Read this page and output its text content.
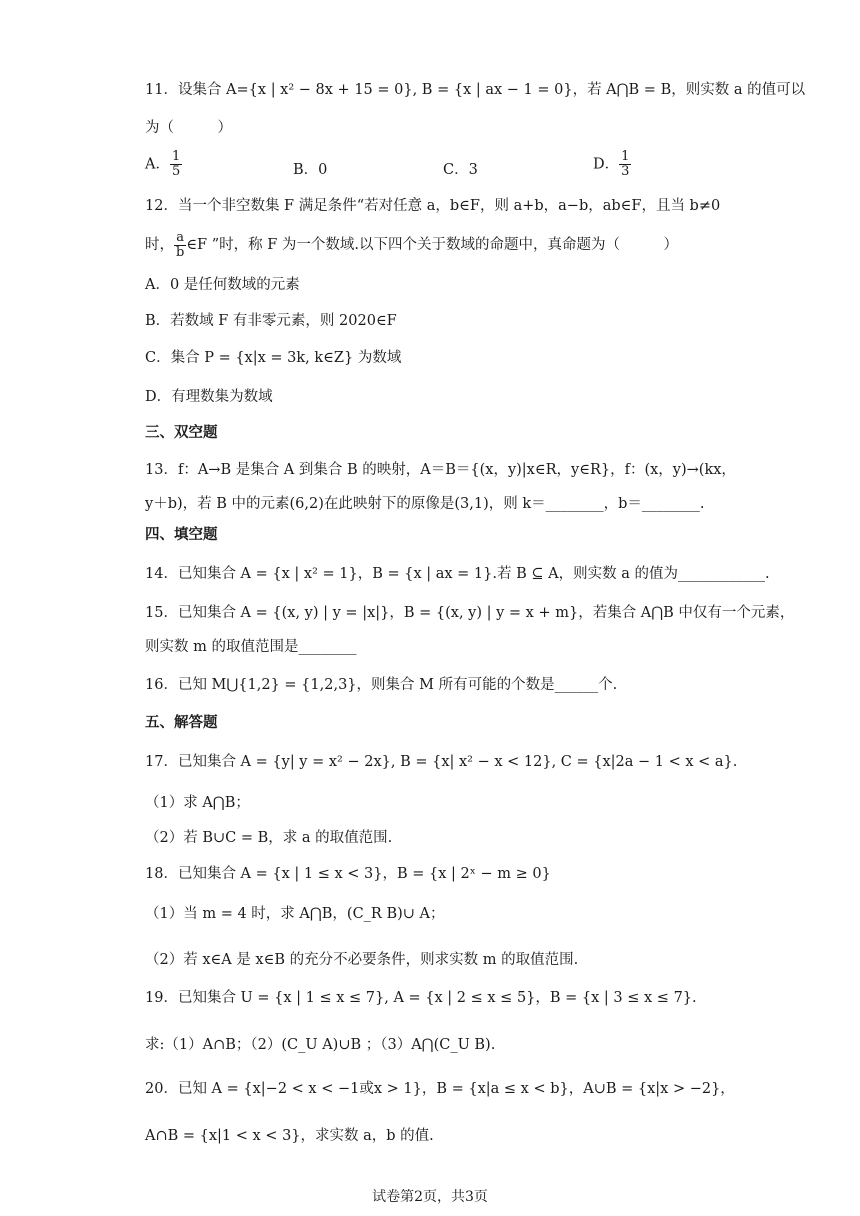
11．设集合 A={x | x² − 8x + 15 = 0}, B = {x | ax − 1 = 0}，若 A⋂B = B，则实数 a 的值可以
为（　　　）
A． $\frac{1}{5}$	B．0	C．3	D． $\frac{1}{3}$
12．当一个非空数集 F 满足条件“若对任意 a，b∈F，则 a+b，a−b，ab∈F，且当 b≠0
时， $\frac{a}{b}$ ∈F ”时，称 F 为一个数域.以下四个关于数域的命题中，真命题为（　　　）
A．0 是任何数域的元素
B．若数域 F 有非零元素，则 2020∈F
C．集合 P = {x|x = 3k, k∈Z} 为数域
D．有理数集为数域
三、双空题
13．f：A→B 是集合 A 到集合 B 的映射，A＝B＝{(x，y)|x∈R，y∈R}，f：(x，y)→(kx，
y＋b)，若 B 中的元素(6,2)在此映射下的原像是(3,1)，则 k＝________，b＝________.
四、填空题
14．已知集合 A = {x | x² = 1}，B = {x | ax = 1}.若 B ⊆ A，则实数 a 的值为____________.
15．已知集合 A = {(x, y) | y = |x|}，B = {(x, y) | y = x + m}，若集合 A⋂B 中仅有一个元素，
则实数 m 的取值范围是________
16．已知 M⋃{1,2} = {1,2,3}，则集合 M 所有可能的个数是______个.
五、解答题
17．已知集合 A = {y| y = x² − 2x}, B = {x| x² − x < 12}, C = {x|2a − 1 < x < a}.
（1）求 A⋂B；
（2）若 B∪C = B，求 a 的取值范围.
18．已知集合 A = {x | 1 ≤ x < 3}，B = {x | 2ˣ − m ≥ 0}
（1）当 m = 4 时，求 A⋂B，(C_R B)∪ A；
（2）若 x∈A 是 x∈B 的充分不必要条件，则求实数 m 的取值范围.
19．已知集合 U = {x | 1 ≤ x ≤ 7}, A = {x | 2 ≤ x ≤ 5}，B = {x | 3 ≤ x ≤ 7}.
求:（1）A∩B；（2）(C_U A)∪B ；（3）A⋂(C_U B).
20．已知 A = {x|−2 < x < −1或x > 1}，B = {x|a ≤ x < b}，A∪B = {x|x > −2}，
A∩B = {x|1 < x < 3}，求实数 a，b 的值.
试卷第2页，共3页
